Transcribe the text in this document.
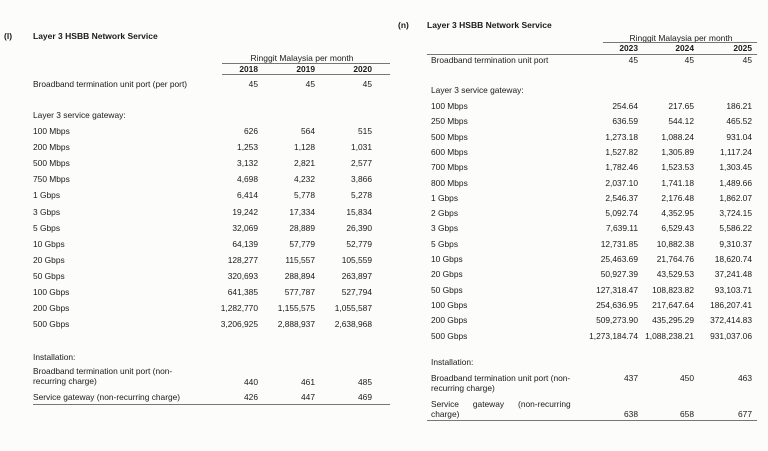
(l) Layer 3 HSBB Network Service
Ringgit Malaysia per month
2018	2019	2020
Broadband termination unit port (per port)	45	45	45
Layer 3 service gateway:
100 Mbps	626	564	515
200 Mbps	1,253	1,128	1,031
500 Mbps	3,132	2,821	2,577
750 Mbps	4,698	4,232	3,866
1 Gbps	6,414	5,778	5,278
3 Gbps	19,242	17,334	15,834
5 Gbps	32,069	28,889	26,390
10 Gbps	64,139	57,779	52,779
20 Gbps	128,277	115,557	105,559
50 Gbps	320,693	288,894	263,897
100 Gbps	641,385	577,787	527,794
200 Gbps	1,282,770	1,155,575	1,055,587
500 Gbps	3,206,925	2,888,937	2,638,968
Installation:
Broadband termination unit port (non-
recurring charge)	440	461	485
Service gateway (non-recurring charge)	426	447	469
(n) Layer 3 HSBB Network Service
Ringgit Malaysia per month
2023	2024	2025
Broadband termination unit port	45	45	45
Layer 3 service gateway:
100 Mbps	254.64	217.65	186.21
250 Mbps	636.59	544.12	465.52
500 Mbps	1,273.18	1,088.24	931.04
600 Mbps	1,527.82	1,305.89	1,117.24
700 Mbps	1,782.46	1,523.53	1,303.45
800 Mbps	2,037.10	1,741.18	1,489.66
1 Gbps	2,546.37	2,176.48	1,862.07
2 Gbps	5,092.74	4,352.95	3,724.15
3 Gbps	7,639.11	6,529.43	5,586.22
5 Gbps	12,731.85	10,882.38	9,310.37
10 Gbps	25,463.69	21,764.76	18,620.74
20 Gbps	50,927.39	43,529.53	37,241.48
50 Gbps	127,318.47	108,823.82	93,103.71
100 Gbps	254,636.95	217,647.64	186,207.41
200 Gbps	509,273.90	435,295.29	372,414.83
500 Gbps	1,273,184.74 1,088,238.21	931,037.06
Installation:
Broadband termination unit port (non-
recurring charge)
437	450	463
Service      gateway      (non-recurring
charge)	638	658	677
